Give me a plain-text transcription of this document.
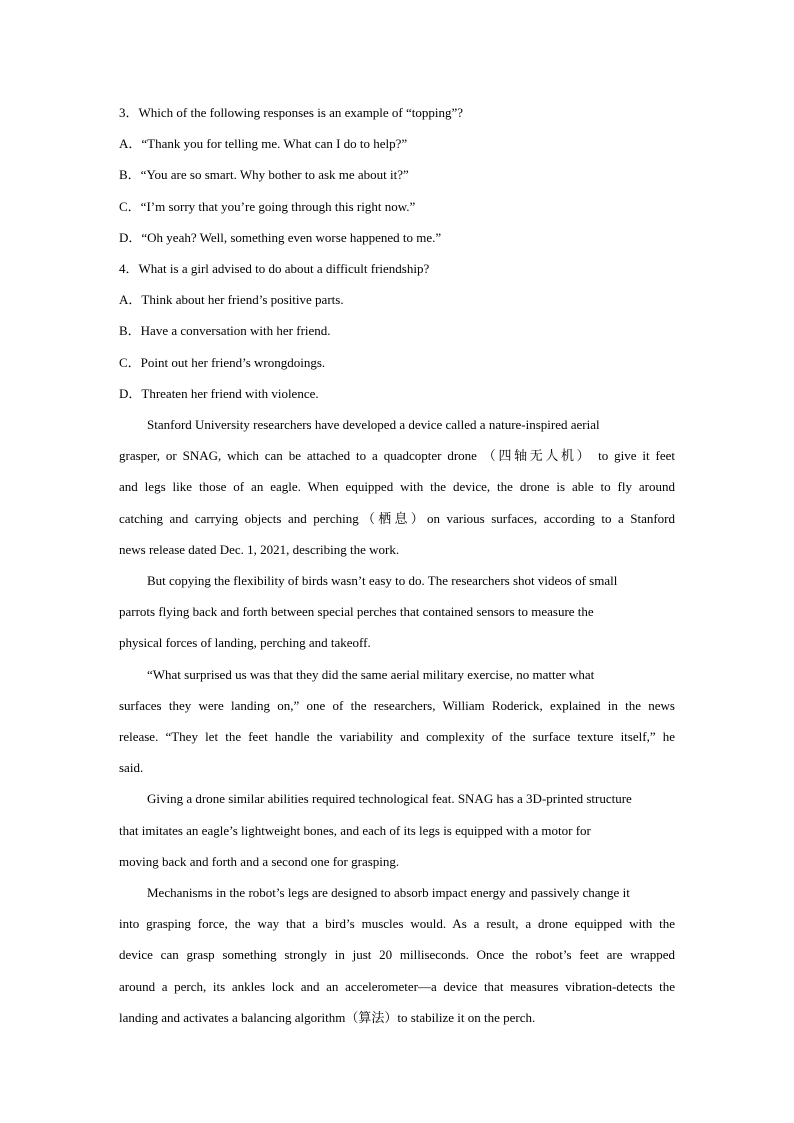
3．Which of the following responses is an example of “topping”?

A．“Thank you for telling me. What can I do to help?”

B．“You are so smart. Why bother to ask me about it?”

C．“I’m sorry that you’re going through this right now.”

D．“Oh yeah? Well, something even worse happened to me.”

4．What is a girl advised to do about a difficult friendship?

A．Think about her friend’s positive parts.

B．Have a conversation with her friend.

C．Point out her friend’s wrongdoings.

D．Threaten her friend with violence.

Stanford University researchers have developed a device called a nature-inspired aerial
grasper, or SNAG, which can be attached to a quadcopter drone （四轴无人机） to give it feet
and legs like those of an eagle. When equipped with the device, the drone is able to fly around
catching and carrying objects and perching（栖息）on various surfaces, according to a Stanford
news release dated Dec. 1, 2021, describing the work.
But copying the flexibility of birds wasn’t easy to do. The researchers shot videos of small
parrots flying back and forth between special perches that contained sensors to measure the
physical forces of landing, perching and takeoff.
“What surprised us was that they did the same aerial military exercise, no matter what
surfaces they were landing on,” one of the researchers, William Roderick, explained in the news
release. “They let the feet handle the variability and complexity of the surface texture itself,” he
said.
Giving a drone similar abilities required technological feat. SNAG has a 3D-printed structure
that imitates an eagle’s lightweight bones, and each of its legs is equipped with a motor for
moving back and forth and a second one for grasping.
Mechanisms in the robot’s legs are designed to absorb impact energy and passively change it
into grasping force, the way that a bird’s muscles would. As a result, a drone equipped with the
device can grasp something strongly in just 20 milliseconds. Once the robot’s feet are wrapped
around a perch, its ankles lock and an accelerometer—a device that measures vibration-detects the
landing and activates a balancing algorithm（算法）to stabilize it on the perch.
